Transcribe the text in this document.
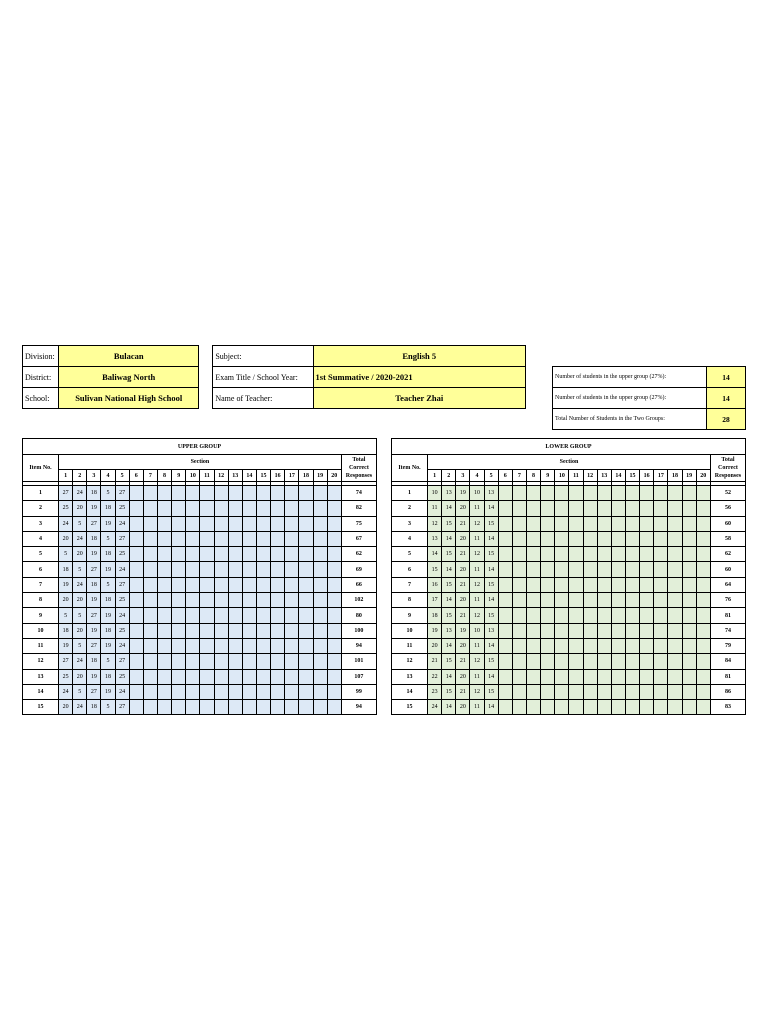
Division:	Bulacan		Subject:	English 5
District:	Baliwag North		Exam Title / School Year:	1st Summative / 2020-2021
School:	Sulivan National High School		Name of Teacher:	Teacher Zhai
Number of students in the upper group (27%):	14
Number of students in the upper group (27%):	14
Total Number of Students in the Two Groups:	28
UPPER GROUP																					
Item No.	Section																				Total Correct Responses
	1	2	3	4	5	6	7	8	9	10	11	12	13	14	15	16	17	18	19	20	

1	27	24	18	5	27																74
2	25	20	19	18	25																82
3	24	5	27	19	24																75
4	20	24	18	5	27																67
5	5	20	19	18	25																62
6	18	5	27	19	24																69
7	19	24	18	5	27																66
8	20	20	19	18	25																102
9	5	5	27	19	24																80
10	18	20	19	18	25																100
11	19	5	27	19	24																94
12	27	24	18	5	27																101
13	25	20	19	18	25																107
14	24	5	27	19	24																99
15	20	24	18	5	27																94
LOWER GROUP																					
Item No.	Section																				Total Correct Responses
	1	2	3	4	5	6	7	8	9	10	11	12	13	14	15	16	17	18	19	20	

1	10	13	19	10	13																52
2	11	14	20	11	14																56
3	12	15	21	12	15																60
4	13	14	20	11	14																58
5	14	15	21	12	15																62
6	15	14	20	11	14																60
7	16	15	21	12	15																64
8	17	14	20	11	14																76
9	18	15	21	12	15																81
10	19	13	19	10	13																74
11	20	14	20	11	14																79
12	21	15	21	12	15																84
13	22	14	20	11	14																81
14	23	15	21	12	15																86
15	24	14	20	11	14																83
